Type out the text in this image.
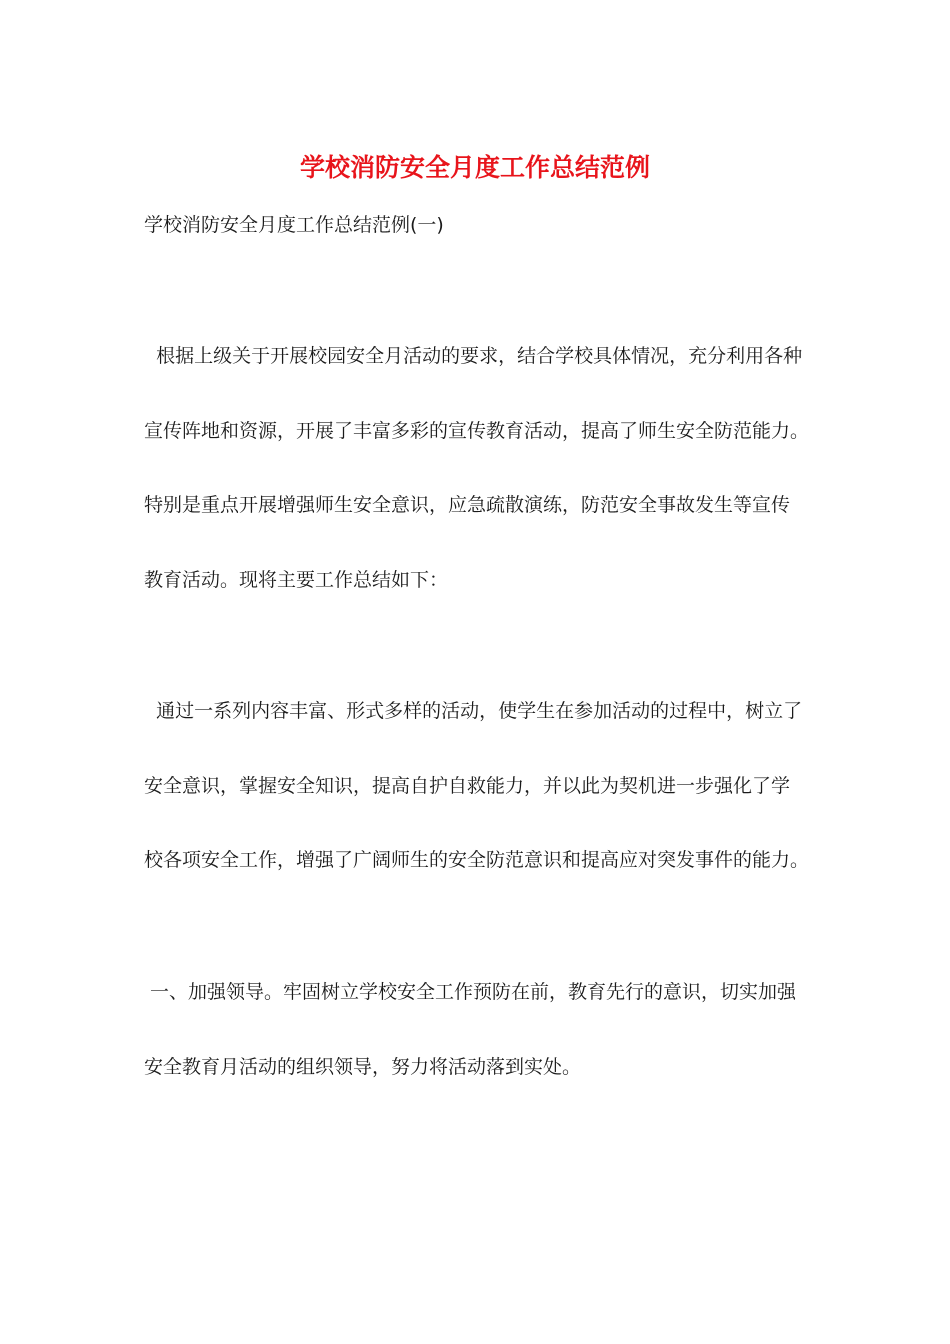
学校消防安全月度工作总结范例

学校消防安全月度工作总结范例(一)

根据上级关于开展校园安全月活动的要求，结合学校具体情况，充分利用各种
宣传阵地和资源，开展了丰富多彩的宣传教育活动，提高了师生安全防范能力。
特别是重点开展增强师生安全意识，应急疏散演练，防范安全事故发生等宣传
教育活动。现将主要工作总结如下：

通过一系列内容丰富、形式多样的活动，使学生在参加活动的过程中，树立了
安全意识，掌握安全知识，提高自护自救能力，并以此为契机进一步强化了学
校各项安全工作，增强了广阔师生的安全防范意识和提高应对突发事件的能力。

一、加强领导。牢固树立学校安全工作预防在前，教育先行的意识，切实加强
安全教育月活动的组织领导，努力将活动落到实处。
